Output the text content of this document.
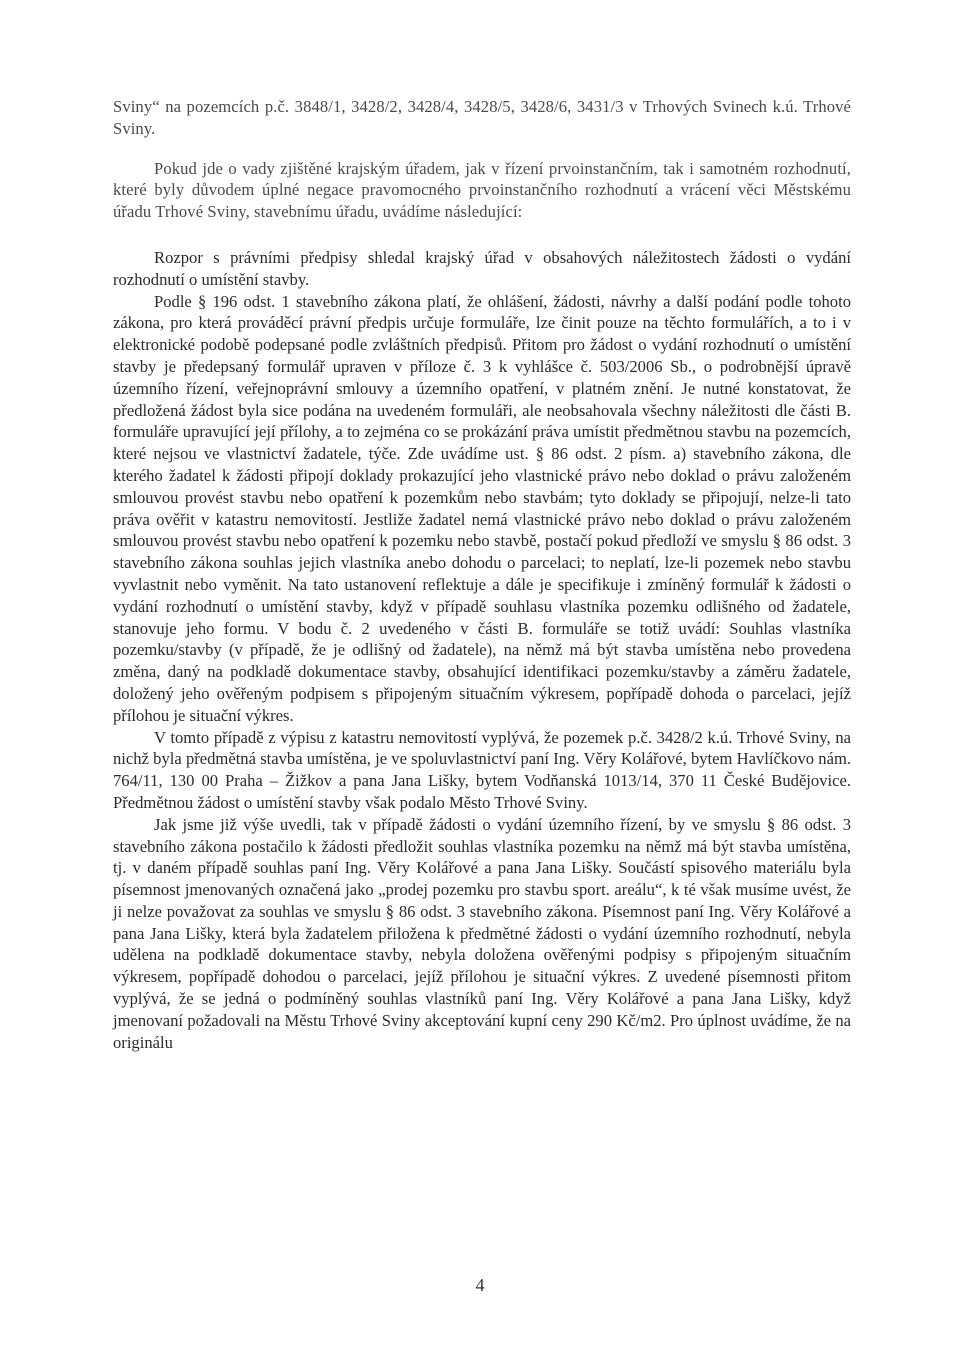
Sviny“ na pozemcích p.č. 3848/1, 3428/2, 3428/4, 3428/5, 3428/6, 3431/3 v Trhových Svinech k.ú. Trhové Sviny.

Pokud jde o vady zjištěné krajským úřadem, jak v řízení prvoinstančním, tak i samotném rozhodnutí, které byly důvodem úplné negace pravomocného prvoinstančního rozhodnutí a vrácení věci Městskému úřadu Trhové Sviny, stavebnímu úřadu, uvádíme následující:

Rozpor s právními předpisy shledal krajský úřad v obsahových náležitostech žádosti o vydání rozhodnutí o umístění stavby.

Podle § 196 odst. 1 stavebního zákona platí, že ohlášení, žádosti, návrhy a další podání podle tohoto zákona, pro která prováděcí právní předpis určuje formuláře, lze činit pouze na těchto formulářích, a to i v elektronické podobě podepsané podle zvláštních předpisů. Přitom pro žádost o vydání rozhodnutí o umístění stavby je předepsaný formulář upraven v příloze č. 3 k vyhlášce č. 503/2006 Sb., o podrobnější úpravě územního řízení, veřejnoprávní smlouvy a územního opatření, v platném znění. Je nutné konstatovat, že předložená žádost byla sice podána na uvedeném formuláři, ale neobsahovala všechny náležitosti dle části B. formuláře upravující její přílohy, a to zejména co se prokázání práva umístit předmětnou stavbu na pozemcích, které nejsou ve vlastnictví žadatele, týče. Zde uvádíme ust. § 86 odst. 2 písm. a) stavebního zákona, dle kterého žadatel k žádosti připojí doklady prokazující jeho vlastnické právo nebo doklad o právu založeném smlouvou provést stavbu nebo opatření k pozemkům nebo stavbám; tyto doklady se připojují, nelze-li tato práva ověřit v katastru nemovitostí. Jestliže žadatel nemá vlastnické právo nebo doklad o právu založeném smlouvou provést stavbu nebo opatření k pozemku nebo stavbě, postačí pokud předloží ve smyslu § 86 odst. 3 stavebního zákona souhlas jejich vlastníka anebo dohodu o parcelaci; to neplatí, lze-li pozemek nebo stavbu vyvlastnit nebo vyměnit. Na tato ustanovení reflektuje a dále je specifikuje i zmíněný formulář k žádosti o vydání rozhodnutí o umístění stavby, když v případě souhlasu vlastníka pozemku odlišného od žadatele, stanovuje jeho formu. V bodu č. 2 uvedeného v části B. formuláře se totiž uvádí: Souhlas vlastníka pozemku/stavby (v případě, že je odlišný od žadatele), na němž má být stavba umístěna nebo provedena změna, daný na podkladě dokumentace stavby, obsahující identifikaci pozemku/stavby a záměru žadatele, doložený jeho ověřeným podpisem s připojeným situačním výkresem, popřípadě dohoda o parcelaci, jejíž přílohou je situační výkres.

V tomto případě z výpisu z katastru nemovitostí vyplývá, že pozemek p.č. 3428/2 k.ú. Trhové Sviny, na nichž byla předmětná stavba umístěna, je ve spoluvlastnictví paní Ing. Věry Kolářové, bytem Havlíčkovo nám. 764/11, 130 00 Praha – Žižkov a pana Jana Lišky, bytem Vodňanská 1013/14, 370 11 České Budějovice. Předmětnou žádost o umístění stavby však podalo Město Trhové Sviny.

Jak jsme již výše uvedli, tak v případě žádosti o vydání územního řízení, by ve smyslu § 86 odst. 3 stavebního zákona postačilo k žádosti předložit souhlas vlastníka pozemku na němž má být stavba umístěna, tj. v daném případě souhlas paní Ing. Věry Kolářové a pana Jana Lišky. Součástí spisového materiálu byla písemnost jmenovaných označená jako „prodej pozemku pro stavbu sport. areálu“, k té však musíme uvést, že ji nelze považovat za souhlas ve smyslu § 86 odst. 3 stavebního zákona. Písemnost paní Ing. Věry Kolářové a pana Jana Lišky, která byla žadatelem přiložena k předmětné žádosti o vydání územního rozhodnutí, nebyla udělena na podkladě dokumentace stavby, nebyla doložena ověřenými podpisy s připojeným situačním výkresem, popřípadě dohodou o parcelaci, jejíž přílohou je situační výkres. Z uvedené písemnosti přitom vyplývá, že se jedná o podmíněný souhlas vlastníků paní Ing. Věry Kolářové a pana Jana Lišky, když jmenovaní požadovali na Městu Trhové Sviny akceptování kupní ceny 290 Kč/m2. Pro úplnost uvádíme, že na originálu

4
